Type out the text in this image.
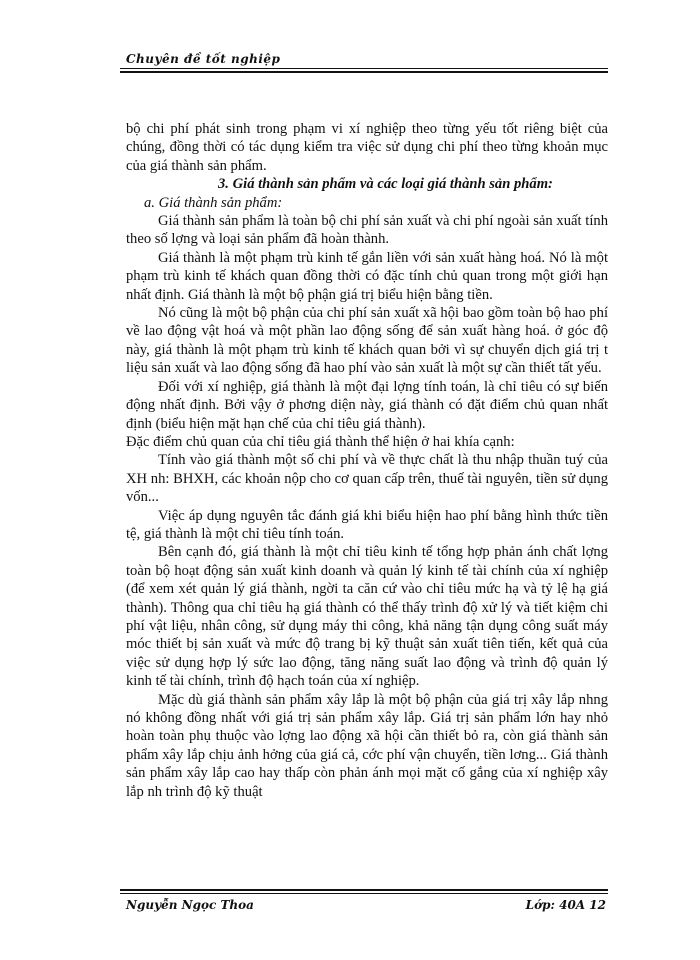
Chuyên đề tốt nghiệp

bộ chi phí phát sinh trong phạm vi xí nghiệp theo từng yếu tốt riêng biệt của chúng, đồng thời có tác dụng kiểm tra việc sử dụng chi phí theo từng khoản mục của giá thành sản phẩm.

3. Giá thành sản phẩm và các loại giá thành sản phẩm:

a. Giá thành sản phẩm:

Giá thành sản phẩm là toàn bộ chi phí sản xuất và chi phí ngoài sản xuất tính theo số lợng và loại sản phẩm đã hoàn thành.

Giá thành là một phạm trù kinh tế gắn liền với sản xuất hàng hoá. Nó là một phạm trù kinh tế khách quan đồng thời có đặc tính chủ quan trong một giới hạn nhất định. Giá thành là một bộ phận giá trị biểu hiện bằng tiền.

Nó cũng là một bộ phận của chi phí sản xuất xã hội bao gồm toàn bộ hao phí về lao động vật hoá và một phần lao động sống để sản xuất hàng hoá. ở góc độ này, giá thành là một phạm trù kinh tế khách quan bởi vì sự chuyển dịch giá trị t liệu sản xuất và lao động sống đã hao phí vào sản xuất là một sự cần thiết tất yếu.

Đối với xí nghiệp, giá thành là một đại lợng tính toán, là chỉ tiêu có sự biến động nhất định. Bởi vậy ở phơng diện này, giá thành có đặt điểm chủ quan nhất định (biểu hiện mặt hạn chế của chỉ tiêu giá thành).

Đặc điểm chủ quan của chỉ tiêu giá thành thể hiện ở hai khía cạnh:

Tính vào giá thành một số chi phí và về thực chất là thu nhập thuần tuý của XH nh: BHXH, các khoản nộp cho cơ quan cấp trên, thuế tài nguyên, tiền sử dụng vốn...

Việc áp dụng nguyên tắc đánh giá khi biểu hiện hao phí bằng hình thức tiền tệ, giá thành là một chỉ tiêu tính toán.

Bên cạnh đó, giá thành là một chỉ tiêu kinh tế tổng hợp phản ánh chất lợng toàn bộ hoạt động sản xuất kinh doanh và quản lý kinh tế tài chính của xí nghiệp (để xem xét quản lý giá thành, ngời ta căn cứ vào chỉ tiêu mức hạ và tỷ lệ hạ giá thành). Thông qua chỉ tiêu hạ giá thành có thể thấy trình độ xử lý và tiết kiệm chi phí vật liệu, nhân công, sử dụng máy thi công, khả năng tận dụng công suất máy móc thiết bị sản xuất và mức độ trang bị kỹ thuật sản xuất tiên tiến, kết quả của việc sử dụng hợp lý sức lao động, tăng năng suất lao động và trình độ quản lý kinh tế tài chính, trình độ hạch toán của xí nghiệp.

Mặc dù giá thành sản phẩm xây lắp là một bộ phận của giá trị xây lắp nhng nó không đồng nhất với giá trị sản phẩm xây lắp. Giá trị sản phẩm lớn hay nhỏ hoàn toàn phụ thuộc vào lợng lao động xã hội cần thiết bỏ ra, còn giá thành sản phẩm xây lắp chịu ảnh hởng của giá cả, cớc phí vận chuyển, tiền lơng... Giá thành sản phẩm xây lắp cao hay thấp còn phản ánh mọi mặt cố gắng của xí nghiệp xây lắp nh trình độ kỹ thuật

Nguyễn Ngọc Thoa	Lớp: 40A 12
